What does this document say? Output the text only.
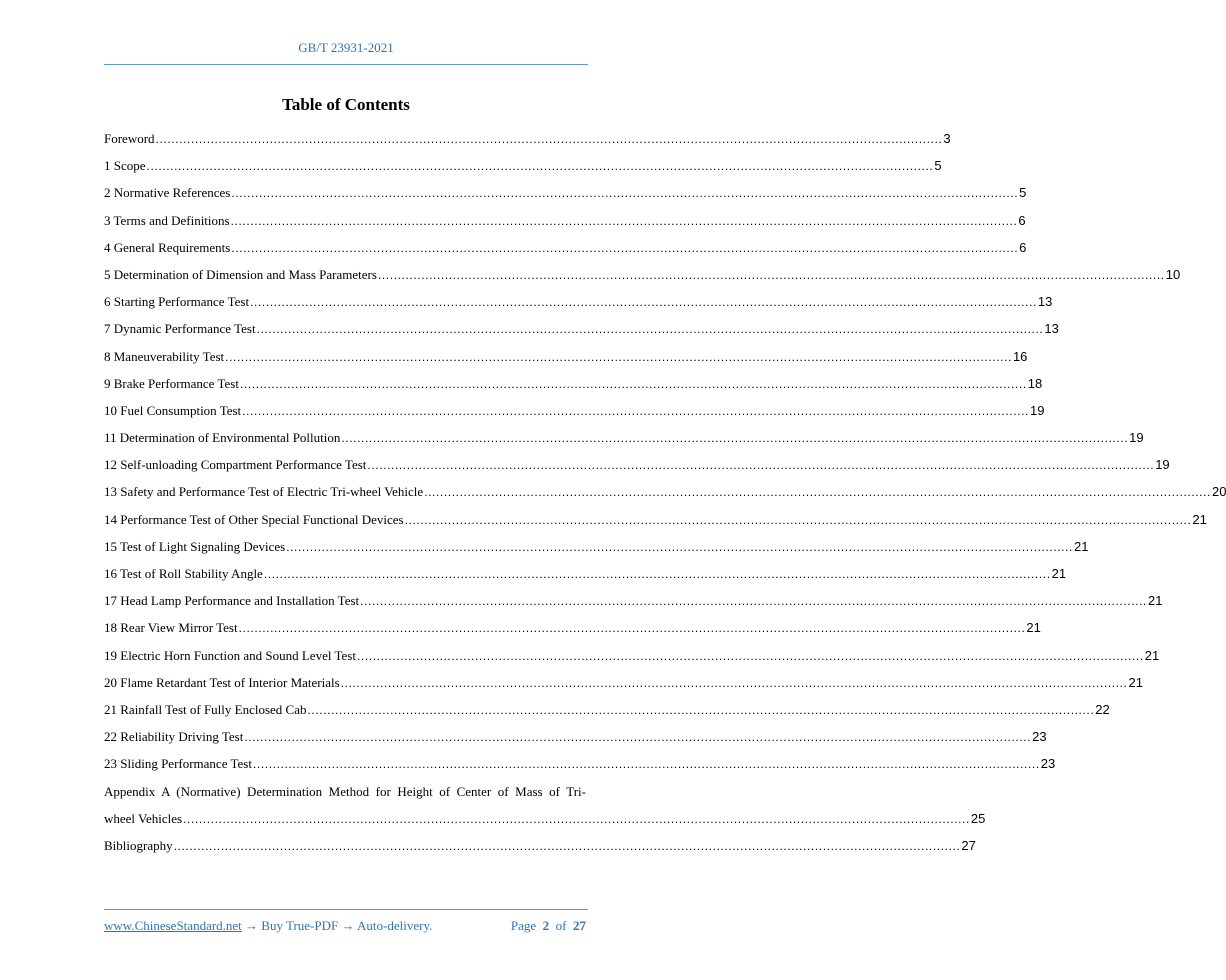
GB/T 23931-2021
Table of Contents
Foreword ........................................................................................................................................................................................................ 3
1 Scope ........................................................................................................................................................................................................ 5
2 Normative References ........................................................................................................................................................................................................ 5
3 Terms and Definitions ........................................................................................................................................................................................................ 6
4 General Requirements ........................................................................................................................................................................................................ 6
5 Determination of Dimension and Mass Parameters ........................................................................................................................................................................................................ 10
6 Starting Performance Test ........................................................................................................................................................................................................ 13
7 Dynamic Performance Test ........................................................................................................................................................................................................ 13
8 Maneuverability Test ........................................................................................................................................................................................................ 16
9 Brake Performance Test ........................................................................................................................................................................................................ 18
10 Fuel Consumption Test ........................................................................................................................................................................................................ 19
11 Determination of Environmental Pollution ........................................................................................................................................................................................................ 19
12 Self-unloading Compartment Performance Test ........................................................................................................................................................................................................ 19
13 Safety and Performance Test of Electric Tri-wheel Vehicle ........................................................................................................................................................................................................ 20
14 Performance Test of Other Special Functional Devices ........................................................................................................................................................................................................ 21
15 Test of Light Signaling Devices ........................................................................................................................................................................................................ 21
16 Test of Roll Stability Angle ........................................................................................................................................................................................................ 21
17 Head Lamp Performance and Installation Test ........................................................................................................................................................................................................ 21
18 Rear View Mirror Test ........................................................................................................................................................................................................ 21
19 Electric Horn Function and Sound Level Test ........................................................................................................................................................................................................ 21
20 Flame Retardant Test of Interior Materials ........................................................................................................................................................................................................ 21
21 Rainfall Test of Fully Enclosed Cab ........................................................................................................................................................................................................ 22
22 Reliability Driving Test ........................................................................................................................................................................................................ 23
23 Sliding Performance Test ........................................................................................................................................................................................................ 23
Appendix A (Normative) Determination Method for Height of Center of Mass of Tri-
wheel Vehicles ........................................................................................................................................................................................................ 25
Bibliography ........................................................................................................................................................................................................ 27
www.ChineseStandard.net → Buy True-PDF → Auto-delivery.	Page 2 of 27
